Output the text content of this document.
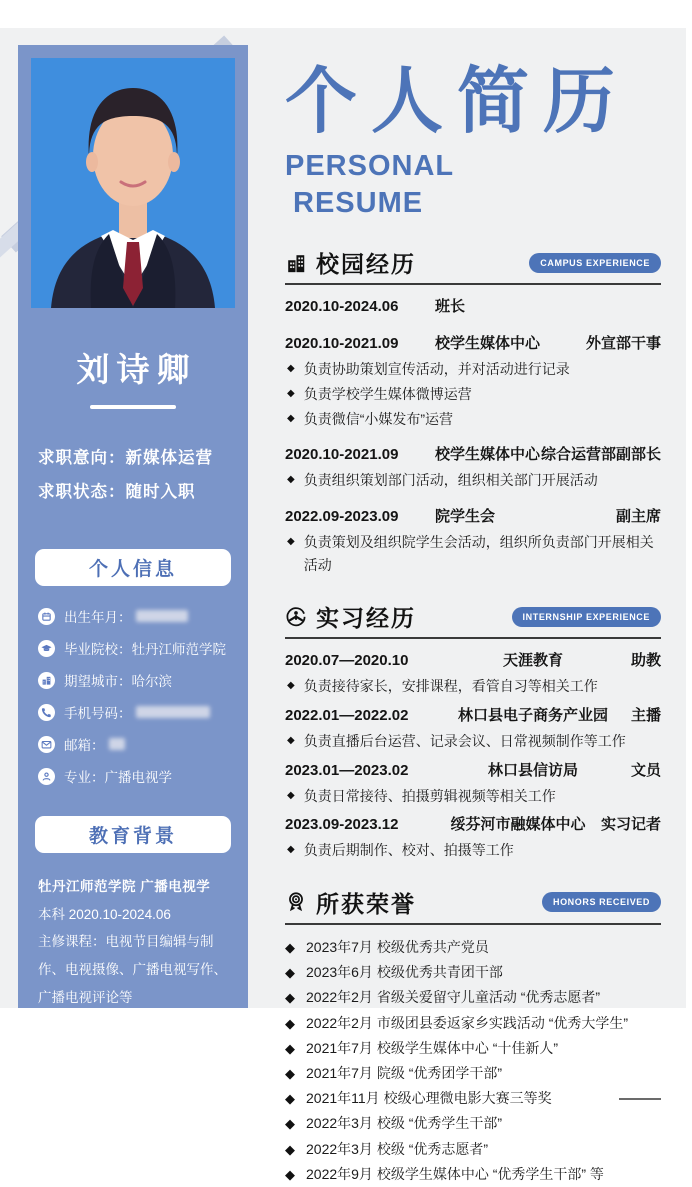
刘诗卿
求职意向：新媒体运营
求职状态：随时入职
个人信息
出生年月：
毕业院校： 牡丹江师范学院
期望城市： 哈尔滨
手机号码：
邮箱：
专业： 广播电视学
教育背景
牡丹江师范学院 广播电视学
本科 2020.10-2024.06
主修课程：电视节目编辑与制作、电视摄像、广播电视写作、广播电视评论等
个人简历
PERSONAL
RESUME
校园经历	CAMPUS EXPERIENCE
2020.10-2024.06	班长
2020.10-2021.09	校学生媒体中心	外宣部干事
◆ 负责协助策划宣传活动，并对活动进行记录
◆ 负责学校学生媒体微博运营
◆ 负责微信“小媒发布”运营
2020.10-2021.09	校学生媒体中心 综合运营部副部长
◆ 负责组织策划部门活动，组织相关部门开展活动
2022.09-2023.09	院学生会	副主席
◆ 负责策划及组织院学生会活动，组织所负责部门开展相关活动
实习经历	INTERNSHIP EXPERIENCE
2020.07—2020.10	天涯教育	助教
◆ 负责接待家长，安排课程，看管自习等相关工作
2022.01—2022.02	林口县电子商务产业园	主播
◆ 负责直播后台运营、记录会议、日常视频制作等工作
2023.01—2023.02	林口县信访局	文员
◆ 负责日常接待、拍摄剪辑视频等相关工作
2023.09-2023.12	绥芬河市融媒体中心	实习记者
◆ 负责后期制作、校对、拍摄等工作
所获荣誉	HONORS RECEIVED
◆ 2023年7月 校级优秀共产党员
◆ 2023年6月 校级优秀共青团干部
◆ 2022年2月 省级关爱留守儿童活动 “优秀志愿者”
◆ 2022年2月 市级团县委返家乡实践活动 “优秀大学生”
◆ 2021年7月 校级学生媒体中心 “十佳新人”
◆ 2021年7月 院级 “优秀团学干部”
◆ 2021年11月 校级心理微电影大赛三等奖
◆ 2022年3月 校级 “优秀学生干部”
◆ 2022年3月 校级 “优秀志愿者”
◆ 2022年9月 校级学生媒体中心 “优秀学生干部” 等
